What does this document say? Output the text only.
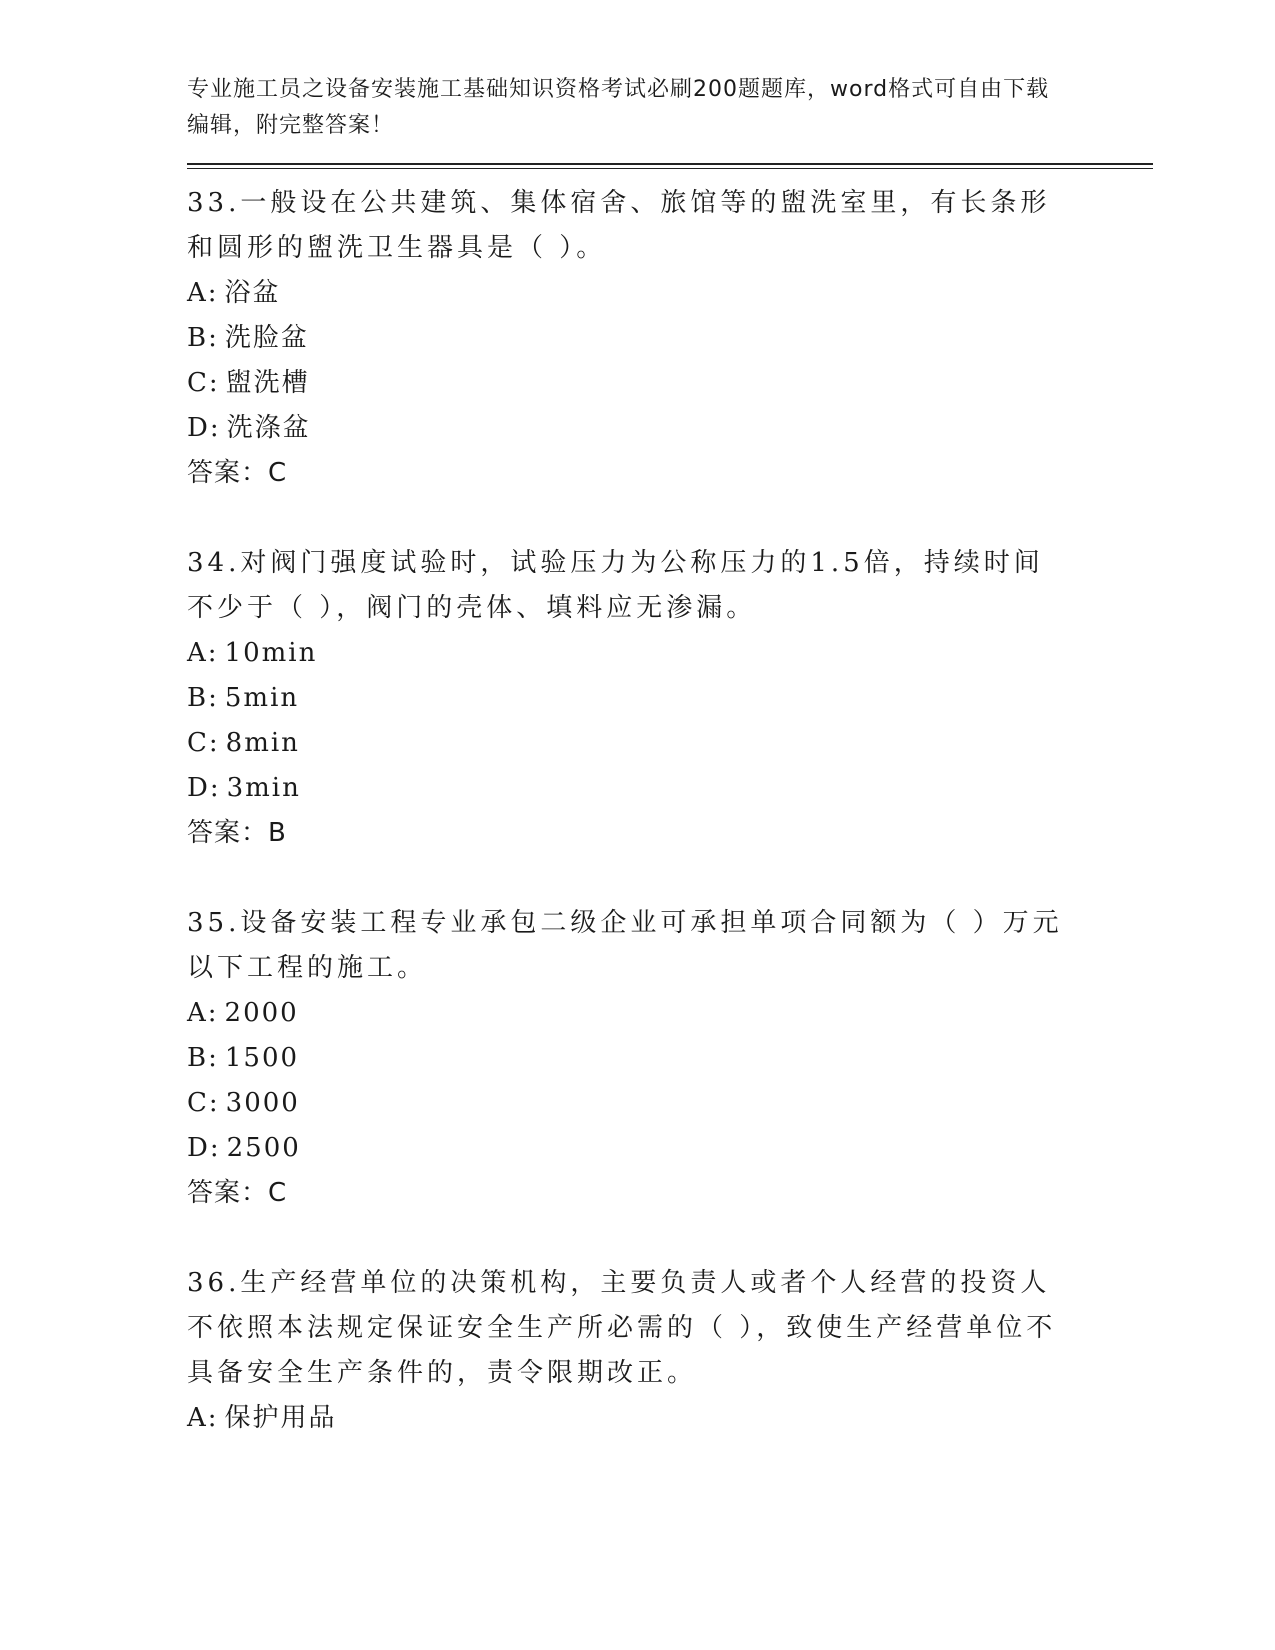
专业施工员之设备安装施工基础知识资格考试必刷200题题库，word格式可自由下载编辑，附完整答案！
33.一般设在公共建筑、集体宿舍、旅馆等的盥洗室里，有长条形和圆形的盥洗卫生器具是（ ）。
A: 浴盆
B: 洗脸盆
C: 盥洗槽
D: 洗涤盆
答案：C
34.对阀门强度试验时，试验压力为公称压力的1.5倍，持续时间不少于（ ），阀门的壳体、填料应无渗漏。
A: 10min
B: 5min
C: 8min
D: 3min
答案：B
35.设备安装工程专业承包二级企业可承担单项合同额为（ ）万元以下工程的施工。
A: 2000
B: 1500
C: 3000
D: 2500
答案：C
36.生产经营单位的决策机构，主要负责人或者个人经营的投资人不依照本法规定保证安全生产所必需的（ ），致使生产经营单位不具备安全生产条件的，责令限期改正。
A: 保护用品
